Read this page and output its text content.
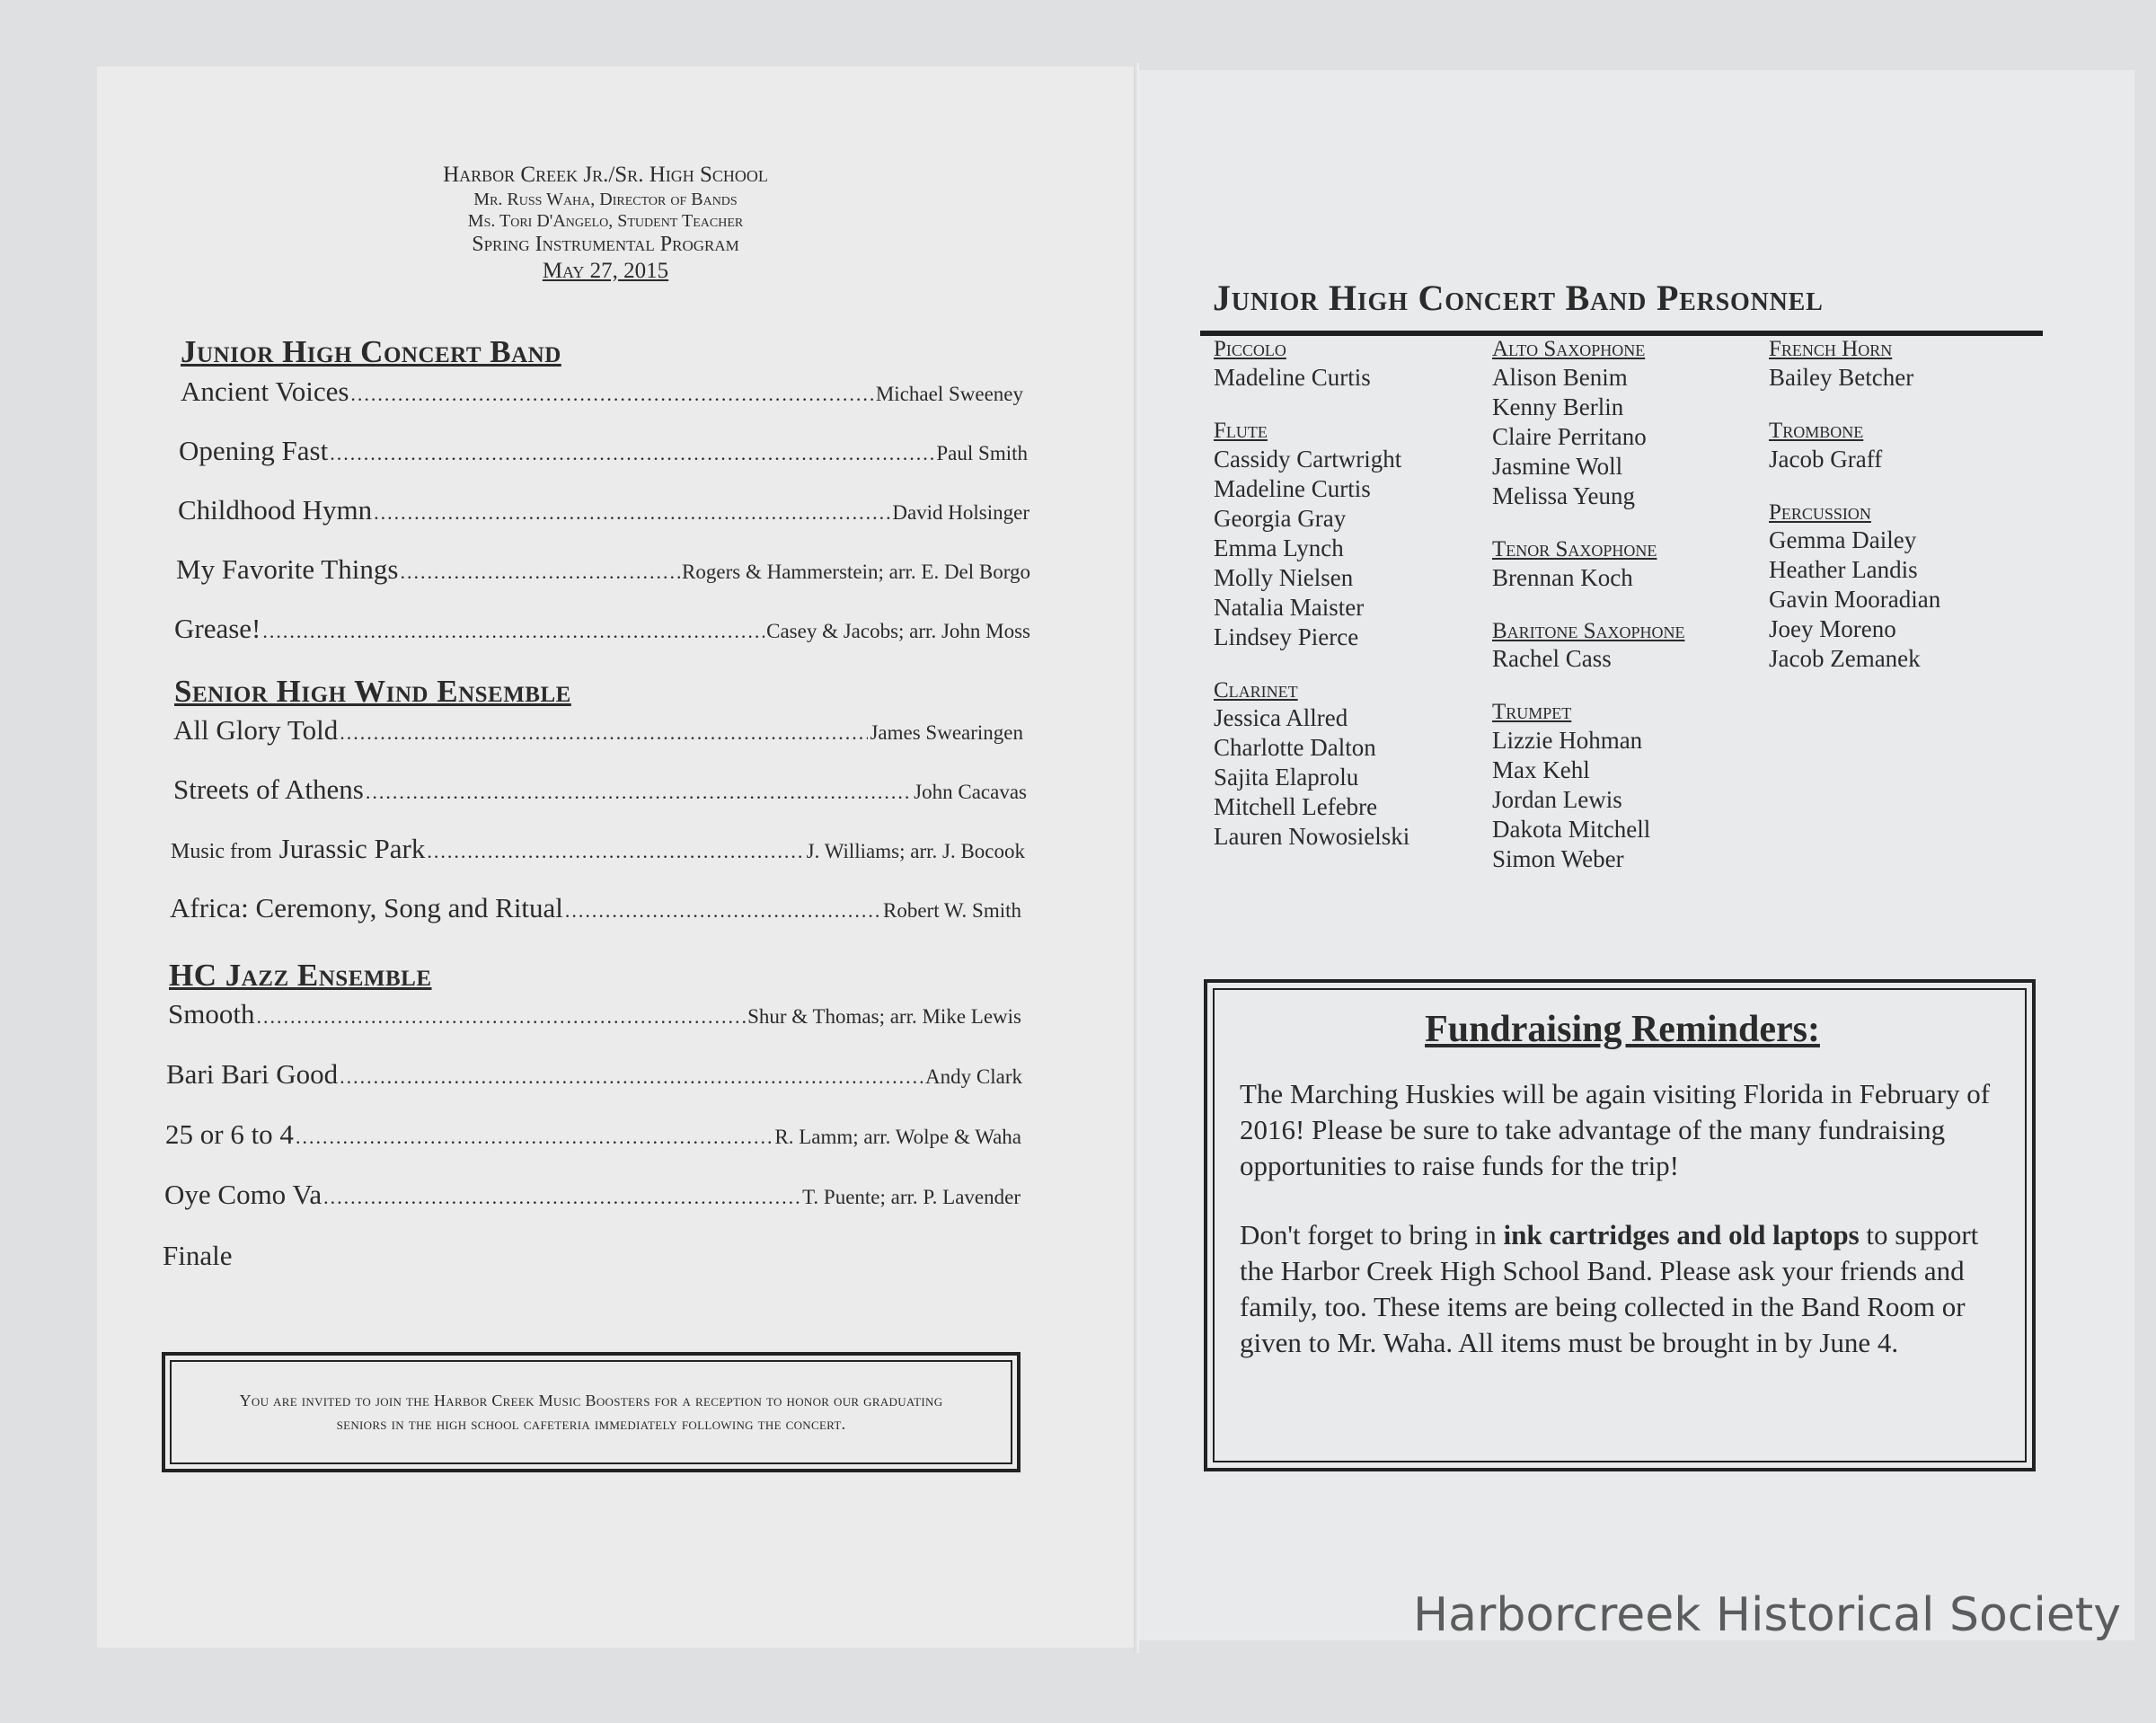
Harbor Creek Jr./Sr. High School
Mr. Russ Waha, Director of Bands
Ms. Tori D'Angelo, Student Teacher
Spring Instrumental Program
May 27, 2015
Junior High Concert Band
Ancient Voices .....	Michael Sweeney
Opening Fast .....	Paul Smith
Childhood Hymn .....	David Holsinger
My Favorite Things .....	Rogers & Hammerstein; arr. E. Del Borgo
Grease! .....	Casey & Jacobs; arr. John Moss
Senior High Wind Ensemble
All Glory Told .....	James Swearingen
Streets of Athens .....	John Cacavas
Music from Jurassic Park .....	J. Williams; arr. J. Bocook
Africa: Ceremony, Song and Ritual .....	Robert W. Smith
HC Jazz Ensemble
Smooth .....	Shur & Thomas; arr. Mike Lewis
Bari Bari Good .....	Andy Clark
25 or 6 to 4 .....	R. Lamm; arr. Wolpe & Waha
Oye Como Va .....	T. Puente; arr. P. Lavender
Finale
You are invited to join the Harbor Creek Music Boosters for a reception to honor our graduating seniors in the high school cafeteria immediately following the concert.
Junior High Concert Band Personnel
Piccolo
Madeline Curtis
Flute
Cassidy Cartwright
Madeline Curtis
Georgia Gray
Emma Lynch
Molly Nielsen
Natalia Maister
Lindsey Pierce
Clarinet
Jessica Allred
Charlotte Dalton
Sajita Elaprolu
Mitchell Lefebre
Lauren Nowosielski
Alto Saxophone
Alison Benim
Kenny Berlin
Claire Perritano
Jasmine Woll
Melissa Yeung
Tenor Saxophone
Brennan Koch
Baritone Saxophone
Rachel Cass
Trumpet
Lizzie Hohman
Max Kehl
Jordan Lewis
Dakota Mitchell
Simon Weber
French Horn
Bailey Betcher
Trombone
Jacob Graff
Percussion
Gemma Dailey
Heather Landis
Gavin Mooradian
Joey Moreno
Jacob Zemanek
Fundraising Reminders:

The Marching Huskies will be again visiting Florida in February of 2016! Please be sure to take advantage of the many fundraising opportunities to raise funds for the trip!

Don't forget to bring in ink cartridges and old laptops to support the Harbor Creek High School Band. Please ask your friends and family, too. These items are being collected in the Band Room or given to Mr. Waha. All items must be brought in by June 4.

Harborcreek Historical Society
